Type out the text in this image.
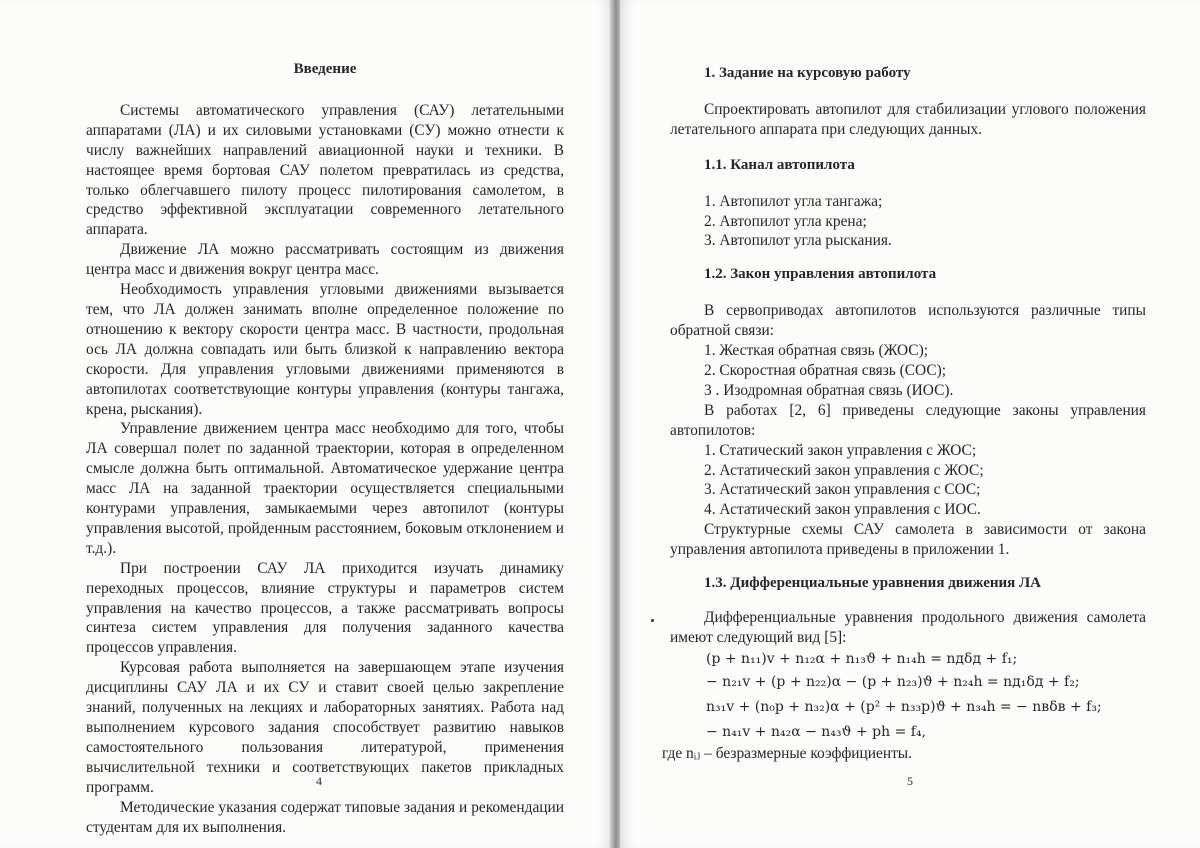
Введение

Системы автоматического управления (САУ) летательными аппаратами (ЛА) и их силовыми установками (СУ) можно отнести к числу важнейших направлений авиационной науки и техники. В настоящее время бортовая САУ полетом превратилась из средства, только облегчавшего пилоту процесс пилотирования самолетом, в средство эффективной эксплуатации современного летательного аппарата.

Движение ЛА можно рассматривать состоящим из движения центра масс и движения вокруг центра масс.

Необходимость управления угловыми движениями вызывается тем, что ЛА должен занимать вполне определенное положение по отношению к вектору скорости центра масс. В частности, продольная ось ЛА должна совпадать или быть близкой к направлению вектора скорости. Для управления угловыми движениями применяются в автопилотах соответствующие контуры управления (контуры тангажа, крена, рыскания).

Управление движением центра масс необходимо для того, чтобы ЛА совершал полет по заданной траектории, которая в определенном смысле должна быть оптимальной. Автоматическое удержание центра масс ЛА на заданной траектории осуществляется специальными контурами управления, замыкаемыми через автопилот (контуры управления высотой, пройденным расстоянием, боковым отклонением и т.д.).

При построении САУ ЛА приходится изучать динамику переходных процессов, влияние структуры и параметров систем управления на качество процессов, а также рассматривать вопросы синтеза систем управления для получения заданного качества процессов управления.

Курсовая работа выполняется на завершающем этапе изучения дисциплины САУ ЛА и их СУ и ставит своей целью закрепление знаний, полученных на лекциях и лабораторных занятиях. Работа над выполнением курсового задания способствует развитию навыков самостоятельного пользования литературой, применения вычислительной техники и соответствующих пакетов прикладных программ.

Методические указания содержат типовые задания и рекомендации студентам для их выполнения.

4

1. Задание на курсовую работу

Спроектировать автопилот для стабилизации углового положения летательного аппарата при следующих данных.

1.1. Канал автопилота

1. Автопилот угла тангажа;

2. Автопилот угла крена;

3. Автопилот угла рыскания.

1.2. Закон управления автопилота

В сервоприводах автопилотов используются различные типы обратной связи:

1. Жесткая обратная связь (ЖОС);

2. Скоростная обратная связь (СОС);

3 . Изодромная обратная связь (ИОС).

В работах [2, 6] приведены следующие законы управления автопилотов:

1. Статический закон управления с ЖОС;

2. Астатический закон управления с ЖОС;

3. Астатический закон управления с СОС;

4. Астатический закон управления с ИОС.

Структурные схемы САУ самолета в зависимости от закона управления автопилота приведены в приложении 1.

1.3. Дифференциальные уравнения движения ЛА

Дифференциальные уравнения продольного движения самолета имеют следующий вид [5]:

(p + n₁₁)v + n₁₂α + n₁₃ϑ + n₁₄h = nдδд + f₁;

− n₂₁v + (p + n₂₂)α − (p + n₂₃)ϑ + n₂₄h = nд₁δд + f₂;

n₃₁v + (n₀p + n₃₂)α + (p² + n₃₃p)ϑ + n₃₄h = − nвδв + f₃;

− n₄₁v + n₄₂α − n₄₃ϑ + ph = f₄,

где nᵢⱼ – безразмерные коэффициенты.

5
